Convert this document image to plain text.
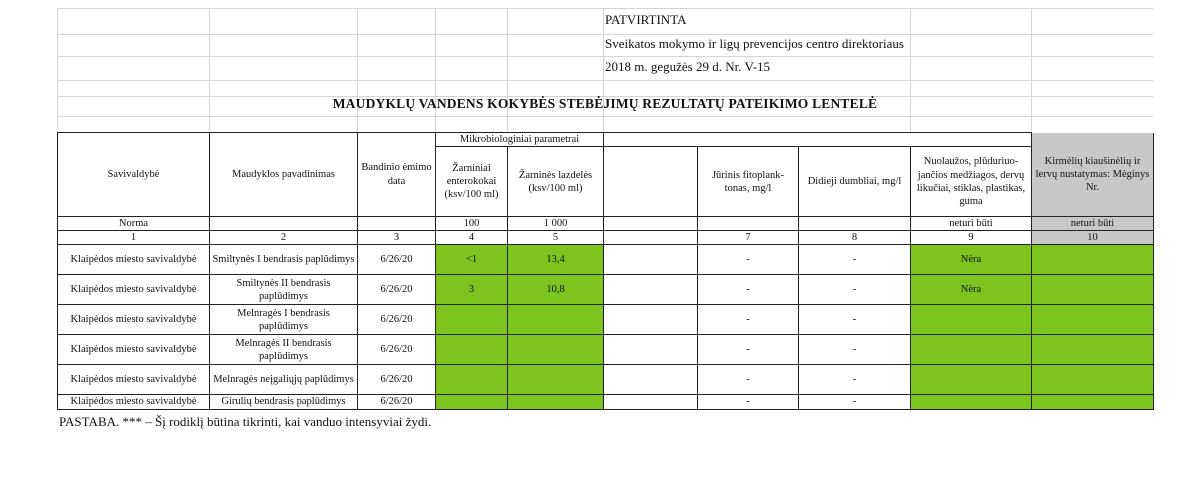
PATVIRTINTA
Sveikatos mokymo ir ligų prevencijos centro direktoriaus
2018 m. gegužės 29 d. Nr. V-15
MAUDYKLŲ VANDENS KOKYBĖS STEBĖJIMŲ REZULTATŲ PATEIKIMO LENTELĖ
Savivaldybė	Maudyklos pavadinimas	Bandinio ėmimo data	Mikrobiologiniai parametrai						Kirmėlių kiaušinėlių ir lervų nustatymas: Mėginys Nr.
			Žarniniai enterokokai (ksv/100 ml)	Žarninės lazdelės (ksv/100 ml)		Jūrinis fitoplank-tonas, mg/l	Didieji dumbliai, mg/l	Nuolaužos, plūduriuo-jančios medžiagos, dervų likučiai, stiklas, plastikas, guma	
Norma			100	1 000				neturi būti	neturi būti
1	2	3	4	5		7	8	9	10
Klaipėdos miesto savivaldybė	Smiltynės I bendrasis paplūdimys	6/26/20	<1	13,4		-	-	Nėra	
Klaipėdos miesto savivaldybė	Smiltynės II bendrasis paplūdimys	6/26/20	3	10,8		-	-	Nėra	
Klaipėdos miesto savivaldybė	Melnragės I bendrasis paplūdimys	6/26/20				-	-		
Klaipėdos miesto savivaldybė	Melnragės II bendrasis paplūdimys	6/26/20				-	-		
Klaipėdos miesto savivaldybė	Melnragės neįgaliųjų paplūdimys	6/26/20				-	-		
Klaipėdos miesto savivaldybė	Girulių bendrasis paplūdimys	6/26/20				-	-		
PASTABA. *** – Šį rodiklį būtina tikrinti, kai vanduo intensyviai žydi.
